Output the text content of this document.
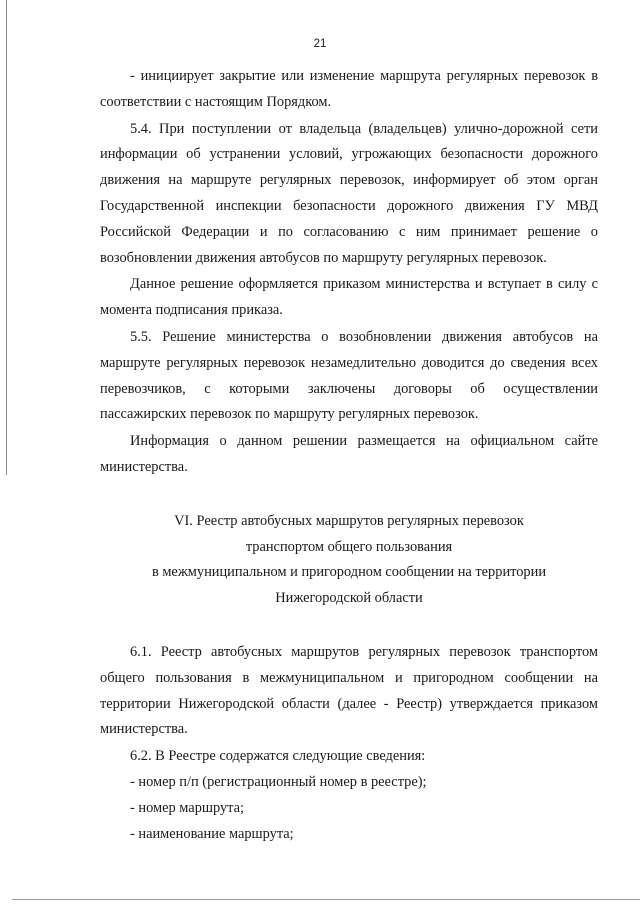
21

- инициирует закрытие или изменение маршрута регулярных перевозок в соответствии с настоящим Порядком.

5.4. При поступлении от владельца (владельцев) улично-дорожной сети информации об устранении условий, угрожающих безопасности дорожного движения на маршруте регулярных перевозок, информирует об этом орган Государственной инспекции безопасности дорожного движения ГУ МВД Российской Федерации и по согласованию с ним принимает решение о возобновлении движения автобусов по маршруту регулярных перевозок.

Данное решение оформляется приказом министерства и вступает в силу с момента подписания приказа.

5.5. Решение министерства о возобновлении движения автобусов на маршруте регулярных перевозок незамедлительно доводится до сведения всех перевозчиков, с которыми заключены договоры об осуществлении пассажирских перевозок по маршруту регулярных перевозок.

Информация о данном решении размещается на официальном сайте министерства.

VI. Реестр автобусных маршрутов регулярных перевозок
транспортом общего пользования
в межмуниципальном и пригородном сообщении на территории
Нижегородской области

6.1. Реестр автобусных маршрутов регулярных перевозок транспортом общего пользования в межмуниципальном и пригородном сообщении на территории Нижегородской области (далее - Реестр) утверждается приказом министерства.

6.2. В Реестре содержатся следующие сведения:

- номер п/п (регистрационный номер в реестре);

- номер маршрута;

- наименование маршрута;
